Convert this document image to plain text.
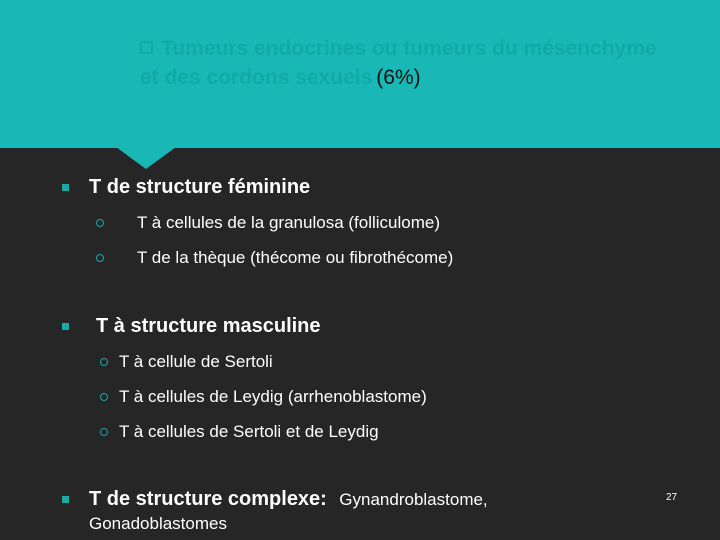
Tumeurs endocrines ou tumeurs du mésenchyme et des cordons sexuels (6%)
T de structure féminine
T à cellules de la granulosa (folliculome)
T de la thèque (thécome ou fibrothécome)
T à structure masculine
T à cellule de Sertoli
T à cellules de Leydig (arrhenoblastome)
T à cellules de Sertoli et de Leydig
T de structure complexe: Gynandroblastome,
Gonadoblastomes
27
